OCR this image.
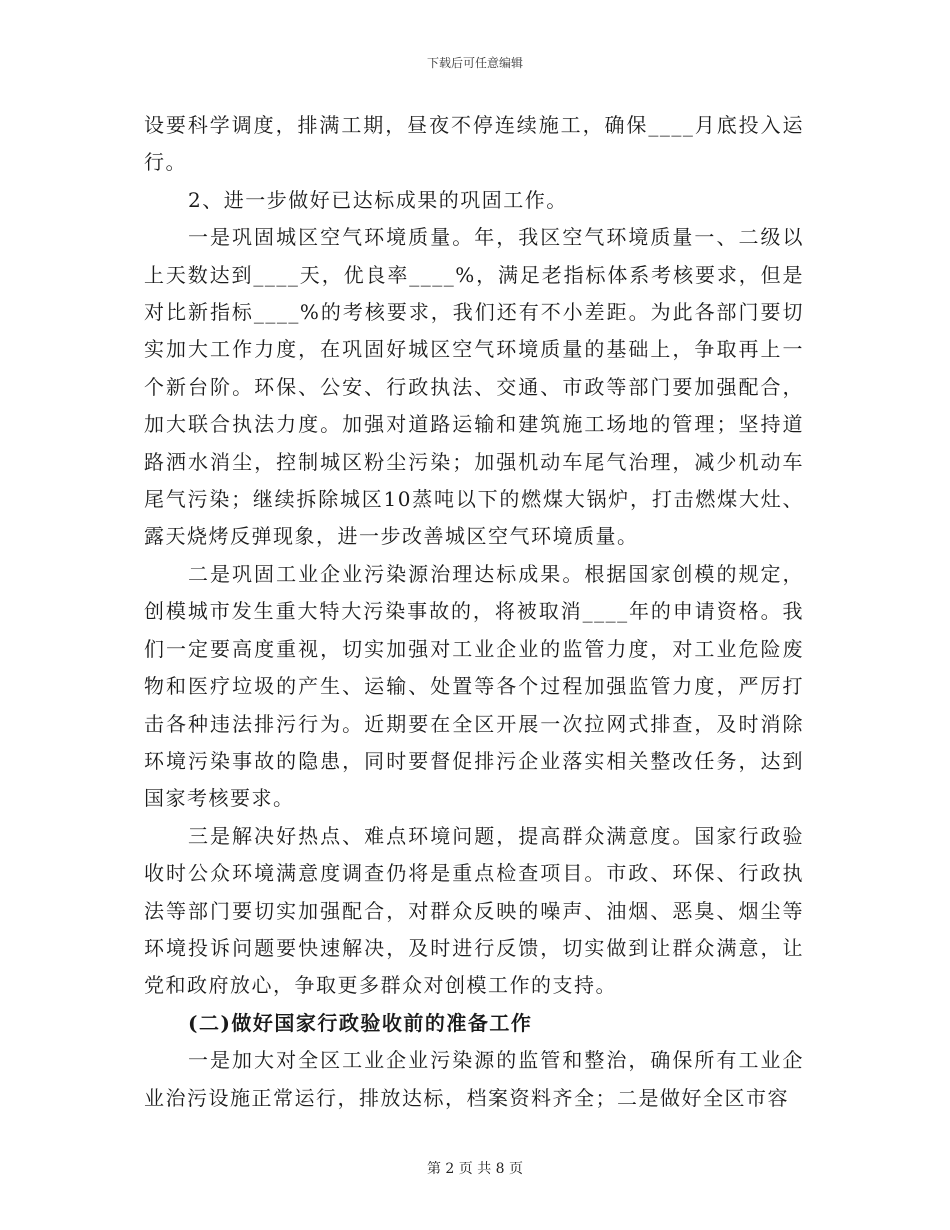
下载后可任意编辑

设要科学调度，排满工期，昼夜不停连续施工，确保____月底投入运行。

2、进一步做好已达标成果的巩固工作。

一是巩固城区空气环境质量。年，我区空气环境质量一、二级以上天数达到____天，优良率____%，满足老指标体系考核要求，但是对比新指标____%的考核要求，我们还有不小差距。为此各部门要切实加大工作力度，在巩固好城区空气环境质量的基础上，争取再上一个新台阶。环保、公安、行政执法、交通、市政等部门要加强配合，加大联合执法力度。加强对道路运输和建筑施工场地的管理；坚持道路洒水消尘，控制城区粉尘污染；加强机动车尾气治理，减少机动车尾气污染；继续拆除城区10蒸吨以下的燃煤大锅炉，打击燃煤大灶、露天烧烤反弹现象，进一步改善城区空气环境质量。

二是巩固工业企业污染源治理达标成果。根据国家创模的规定，创模城市发生重大特大污染事故的，将被取消____年的申请资格。我们一定要高度重视，切实加强对工业企业的监管力度，对工业危险废物和医疗垃圾的产生、运输、处置等各个过程加强监管力度，严厉打击各种违法排污行为。近期要在全区开展一次拉网式排查，及时消除环境污染事故的隐患，同时要督促排污企业落实相关整改任务，达到国家考核要求。

三是解决好热点、难点环境问题，提高群众满意度。国家行政验收时公众环境满意度调查仍将是重点检查项目。市政、环保、行政执法等部门要切实加强配合，对群众反映的噪声、油烟、恶臭、烟尘等环境投诉问题要快速解决，及时进行反馈，切实做到让群众满意，让党和政府放心，争取更多群众对创模工作的支持。

(二)做好国家行政验收前的准备工作

一是加大对全区工业企业污染源的监管和整治，确保所有工业企业治污设施正常运行，排放达标，档案资料齐全；二是做好全区市容

第 2 页 共 8 页
